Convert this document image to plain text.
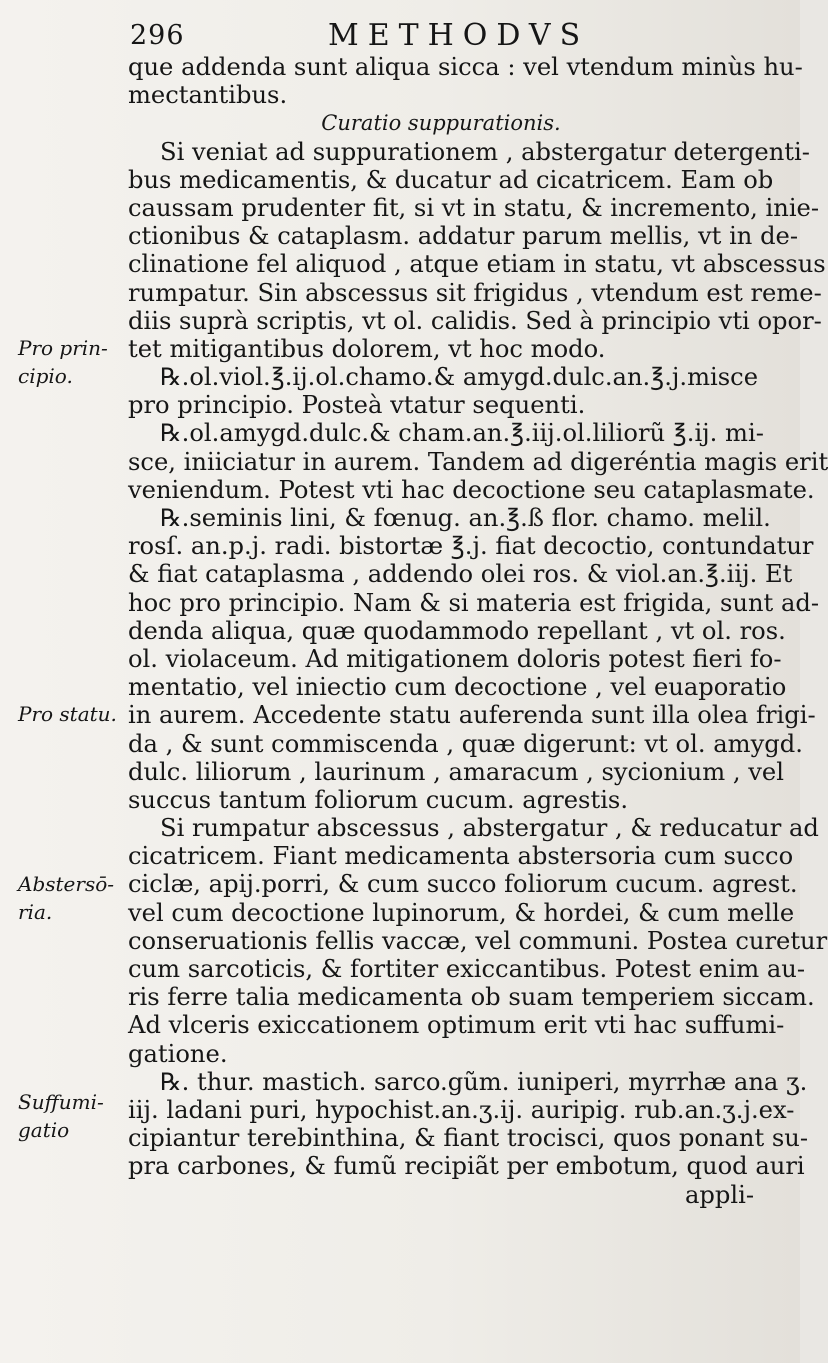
296	METHODVS
que addenda sunt aliqua sicca : vel vtendum minùs hu-
mectantibus.
Curatio suppurationis.
Si veniat ad suppurationem , abstergatur detergenti-
bus medicamentis, & ducatur ad cicatricem. Eam ob
caussam prudenter fit, si vt in statu, & incremento, inie-
ctionibus & cataplasm. addatur parum mellis, vt in de-
clinatione fel aliquod , atque etiam in statu, vt abscessus
rumpatur. Sin abscessus sit frigidus , vtendum est reme-
diis suprà scriptis, vt ol. calidis. Sed à principio vti opor-
tet mitigantibus dolorem, vt hoc modo.
℞.ol.viol.℥.ij.ol.chamo.& amygd.dulc.an.℥.j.misce
pro principio. Posteà vtatur sequenti.
℞.ol.amygd.dulc.& cham.an.℥.iij.ol.liliorũ ℥.ij. mi-
sce, iniiciatur in aurem. Tandem ad digeréntia magis erit
veniendum. Potest vti hac decoctione seu cataplasmate.
℞.seminis lini, & fœnug. an.℥.ß flor. chamo. melil.
rosſ. an.p.j. radi. bistortæ ℥.j. fiat decoctio, contundatur
& fiat cataplasma , addendo olei ros. & viol.an.℥.iij. Et
hoc pro principio. Nam & si materia est frigida, sunt ad-
denda aliqua, quæ quodammodo repellant , vt ol. ros.
ol. violaceum. Ad mitigationem doloris potest fieri fo-
mentatio, vel iniectio cum decoctione , vel euaporatio
in aurem. Accedente statu auferenda sunt illa olea frigi-
da , & sunt commiscenda , quæ digerunt: vt ol. amygd.
dulc. liliorum , laurinum , amaracum , sycionium , vel
succus tantum foliorum cucum. agrestis.
Si rumpatur abscessus , abstergatur , & reducatur ad
cicatricem. Fiant medicamenta abstersoria cum succo
ciclæ, apij.porri, & cum succo foliorum cucum. agrest.
vel cum decoctione lupinorum, & hordei, & cum melle
conseruationis fellis vaccæ, vel communi. Postea curetur
cum sarcoticis, & fortiter exiccantibus. Potest enim au-
ris ferre talia medicamenta ob suam temperiem siccam.
Ad vlceris exiccationem optimum erit vti hac suffumi-
gatione.
℞. thur. mastich. sarco.gũm. iuniperi, myrrhæ ana ʒ.
iij. ladani puri, hypochist.an.ʒ.ij. auripig. rub.an.ʒ.j.ex-
cipiantur terebinthina, & fiant trocisci, quos ponant su-
pra carbones, & fumũ recipiãt per embotum, quod auri
appli-
Pro prin-
cipio.
Pro statu.
Abstersō-
ria.
Suffumi-
gatio
